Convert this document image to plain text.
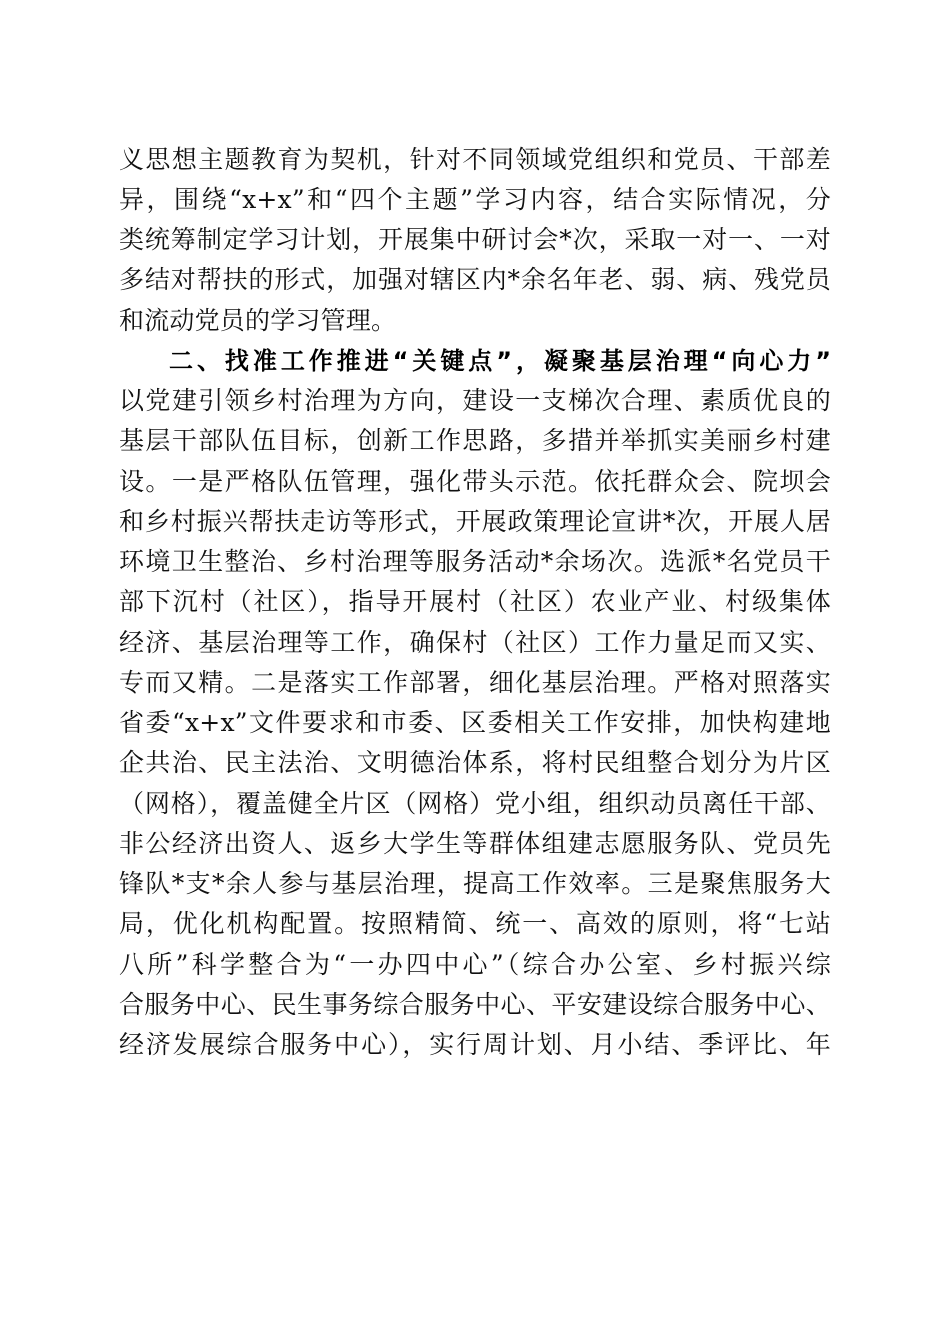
义思想主题教育为契机，针对不同领域党组织和党员、干部差
异，围绕“x+x”和“四个主题”学习内容，结合实际情况，分
类统筹制定学习计划，开展集中研讨会*次，采取一对一、一对
多结对帮扶的形式，加强对辖区内*余名年老、弱、病、残党员
和流动党员的学习管理。
二、找准工作推进“关键点”，凝聚基层治理“向心力”
以党建引领乡村治理为方向，建设一支梯次合理、素质优良的
基层干部队伍目标，创新工作思路，多措并举抓实美丽乡村建
设。一是严格队伍管理，强化带头示范。依托群众会、院坝会
和乡村振兴帮扶走访等形式，开展政策理论宣讲*次，开展人居
环境卫生整治、乡村治理等服务活动*余场次。选派*名党员干
部下沉村（社区），指导开展村（社区）农业产业、村级集体
经济、基层治理等工作，确保村（社区）工作力量足而又实、
专而又精。二是落实工作部署，细化基层治理。严格对照落实
省委“x+x”文件要求和市委、区委相关工作安排，加快构建地
企共治、民主法治、文明德治体系，将村民组整合划分为片区
（网格），覆盖健全片区（网格）党小组，组织动员离任干部、
非公经济出资人、返乡大学生等群体组建志愿服务队、党员先
锋队*支*余人参与基层治理，提高工作效率。三是聚焦服务大
局，优化机构配置。按照精简、统一、高效的原则，将“七站
八所”科学整合为“一办四中心”（综合办公室、乡村振兴综
合服务中心、民生事务综合服务中心、平安建设综合服务中心、
经济发展综合服务中心），实行周计划、月小结、季评比、年
